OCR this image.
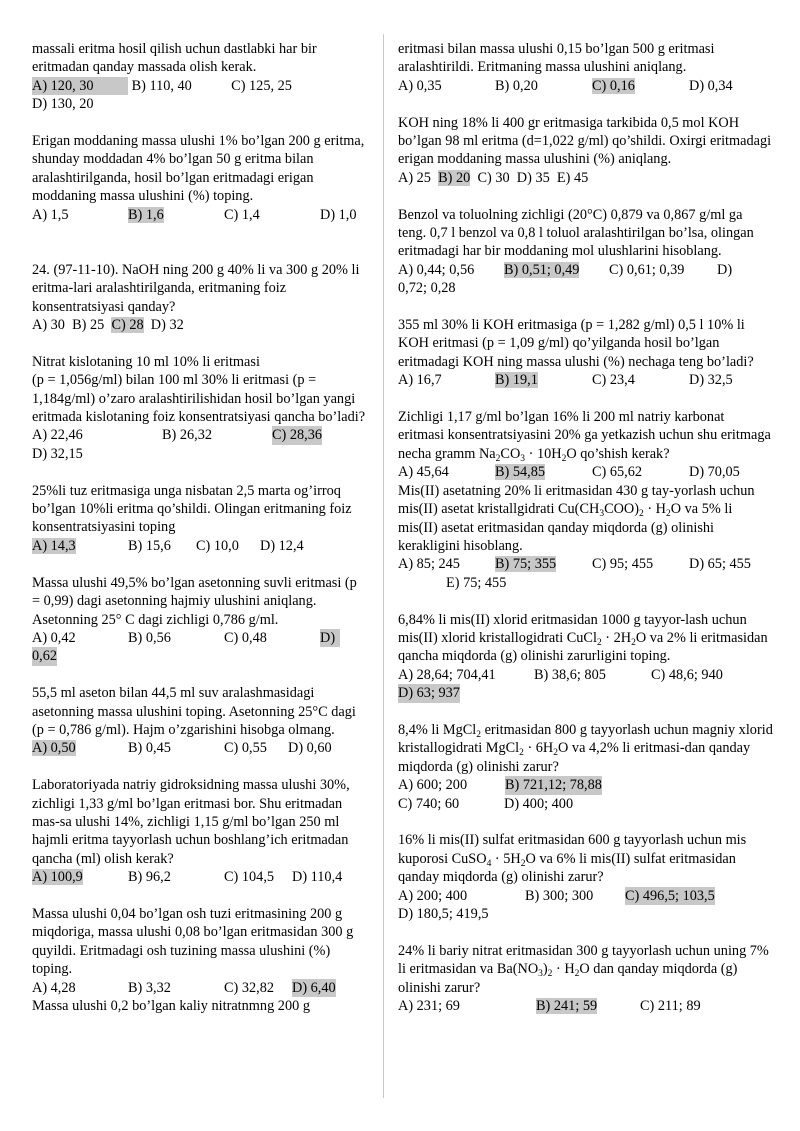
massali eritma hosil qilish uchun dastlabki har bir eritmadan qanday massada olish kerak.

A) 120, 30	B) 110, 40	C) 125, 25
D) 130, 20

Erigan moddaning massa ulushi 1% bo’lgan 200 g eritma, shunday moddadan 4% bo’lgan 50 g eritma bilan aralashtirilganda, hosil bo’lgan eritmadagi erigan moddaning massa ulushini (%) toping.

A) 1,5	B) 1,6	C) 1,4	D) 1,0

24. (97-11-10). NaOH ning 200 g 40% li va 300 g 20% li eritma-lari aralashtirilganda, eritmaning foiz konsentratsiyasi qanday?

A) 30 B) 25 C) 28 D) 32

Nitrat kislotaning 10 ml 10% li eritmasi

(p = 1,056g/ml) bilan 100 ml 30% li eritmasi (p = 1,184g/ml) o’zaro aralashtirilishidan hosil bo’lgan yangi eritmada kislotaning foiz konsentratsiyasi qancha bo’ladi?

A) 22,46	B) 26,32	C) 28,36
D) 32,15

25%li tuz eritmasiga unga nisbatan 2,5 marta og’irroq bo’lgan 10%li eritma qo’shildi. Olingan eritmaning foiz konsentratsiyasini toping

A) 14,3	B) 15,6 C) 10,0 D) 12,4

Massa ulushi 49,5% bo’lgan asetonning suvli eritmasi (p = 0,99) dagi asetonning hajmiy ulushini aniqlang. Asetonning 25° C dagi zichligi 0,786 g/ml.

A) 0,42	B) 0,56	C) 0,48	D)
0,62

55,5 ml aseton bilan 44,5 ml suv aralashmasidagi asetonning massa ulushini toping. Asetonning 25°C dagi

(p = 0,786 g/ml). Hajm o’zgarishini hisobga olmang.

A) 0,50	B) 0,45	C) 0,55 D) 0,60

Laboratoriyada natriy gidroksidning massa ulushi 30%, zichligi 1,33 g/ml bo’lgan eritmasi bor. Shu eritmadan mas-sa ulushi 14%, zichligi 1,15 g/ml bo’lgan 250 ml hajmli eritma tayyorlash uchun boshlang’ich eritmadan qancha (ml) olish kerak?

A) 100,9	B) 96,2	C) 104,5 D) 110,4

Massa ulushi 0,04 bo’lgan osh tuzi eritmasining 200 g miqdoriga, massa ulushi 0,08 bo’lgan eritmasidan 300 g quyildi. Eritmadagi osh tuzining massa ulushini (%) toping.

A) 4,28	B) 3,32	C) 32,82 D) 6,40

Massa ulushi 0,2 bo’lgan kaliy nitratnmng 200 g

eritmasi bilan massa ulushi 0,15 bo’lgan 500 g eritmasi aralashtirildi. Eritmaning massa ulushini aniqlang.

A) 0,35	B) 0,20	C) 0,16	D) 0,34

KOH ning 18% li 400 gr eritmasiga tarkibida 0,5 mol KOH bo’lgan 98 ml eritma (d=1,022 g/ml) qo’shildi. Oxirgi eritmadagi erigan moddaning massa ulushini (%) aniqlang.

A) 25 B) 20 C) 30 D) 35 E) 45

Benzol va toluolning zichligi (20°C) 0,879 va 0,867 g/ml ga teng. 0,7 l benzol va 0,8 l toluol aralashtirilgan bo’lsa, olingan eritmadagi har bir moddaning mol ulushlarini hisoblang.

A) 0,44; 0,56 B) 0,51; 0,49 C) 0,61; 0,39 D)
0,72; 0,28

355 ml 30% li KOH eritmasiga (p = 1,282 g/ml) 0,5 l 10% li KOH eritmasi (p = 1,09 g/ml) qo’yilganda hosil bo’lgan eritmadagi KOH ning massa ulushi (%) nechaga teng bo’ladi?

A) 16,7	B) 19,1	C) 23,4	D) 32,5

Zichligi 1,17 g/ml bo’lgan 16% li 200 ml natriy karbonat eritmasi konsentratsiyasini 20% ga yetkazish uchun shu eritmaga necha gramm $Na_2CO_3 \cdot 10H_2O$ qo’shish kerak?

A) 45,64	B) 54,85	C) 65,62	D) 70,05

Mis(II) asetatning 20% li eritmasidan 430 g tay-yorlash uchun mis(II) asetat kristallgidrati $Cu(CH_3COO)_2 \cdot H_2O$ va 5% li mis(II) asetat eritmasidan qanday miqdorda (g) olinishi kerakligini hisoblang.

A) 85; 245 B) 75; 355	C) 95; 455	D) 65; 455
E) 75; 455

6,84% li mis(II) xlorid eritmasidan 1000 g tayyor-lash uchun mis(II) xlorid kristallogidrati CuCl$_2$ · $2H_2O$ va 2% li eritmasidan qancha miqdorda (g) olinishi zarurligini toping.

A) 28,64; 704,41	B) 38,6; 805	C) 48,6; 940
D) 63; 937

8,4% li MgCl$_2$ eritmasidan 800 g tayyorlash uchun magniy xlorid kristallogidrati MgCl$_2$ · $6H_2O$ va 4,2% li eritmasi-dan qanday miqdorda (g) olinishi zarur?

A) 600; 200	B) 721,12; 78,88
C) 740; 60	D) 400; 400

16% li mis(II) sulfat eritmasidan 600 g tayyorlash uchun mis kuporosi CuSO$_4$ · $5H_2O$ va 6% li mis(II) sulfat eritmasidan qanday miqdorda (g) olinishi zarur?

A) 200; 400	B) 300; 300 C) 496,5; 103,5
D) 180,5; 419,5

24% li bariy nitrat eritmasidan 300 g tayyorlash uchun uning 7% li eritmasidan va $Ba(NO_3)_2 \cdot H_2O$ dan qanday miqdorda (g) olinishi zarur?

A) 231; 69	B) 241; 59	C) 211; 89
